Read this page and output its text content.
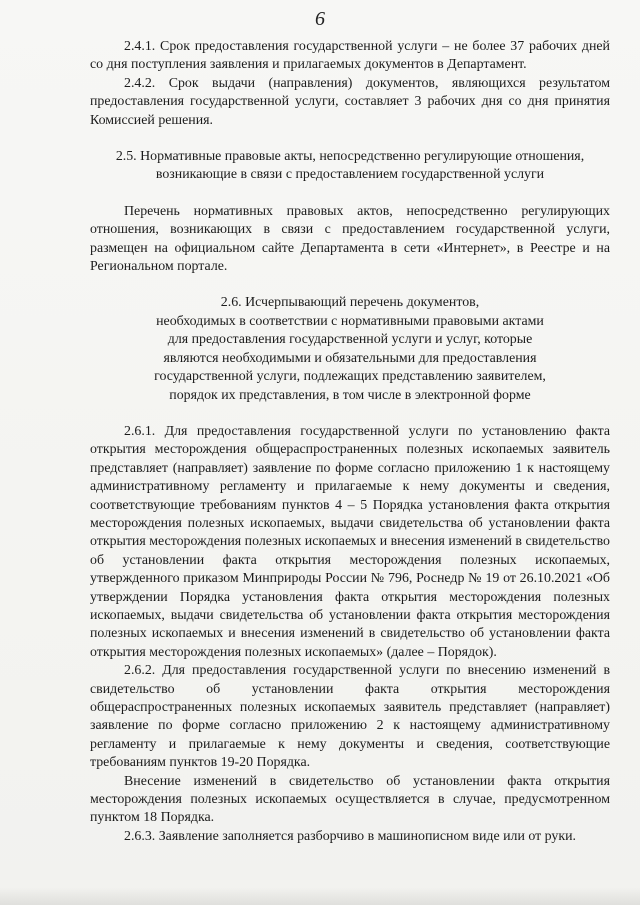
6

2.4.1. Срок предоставления государственной услуги – не более 37 рабочих дней со дня поступления заявления и прилагаемых документов в Департамент.

2.4.2. Срок выдачи (направления) документов, являющихся результатом предоставления государственной услуги, составляет 3 рабочих дня со дня принятия Комиссией решения.

2.5. Нормативные правовые акты, непосредственно регулирующие отношения,

возникающие в связи с предоставлением государственной услуги

Перечень нормативных правовых актов, непосредственно регулирующих отношения, возникающих в связи с предоставлением государственной услуги, размещен на официальном сайте Департамента в сети «Интернет», в Реестре и на Региональном портале.

2.6. Исчерпывающий перечень документов,

необходимых в соответствии с нормативными правовыми актами

для предоставления государственной услуги и услуг, которые

являются необходимыми и обязательными для предоставления

государственной услуги, подлежащих представлению заявителем,

порядок их представления, в том числе в электронной форме

2.6.1. Для предоставления государственной услуги по установлению факта открытия месторождения общераспространенных полезных ископаемых заявитель представляет (направляет) заявление по форме согласно приложению 1 к настоящему административному регламенту и прилагаемые к нему документы и сведения, соответствующие требованиям пунктов 4 – 5 Порядка установления факта открытия месторождения полезных ископаемых, выдачи свидетельства об установлении факта открытия месторождения полезных ископаемых и внесения изменений в свидетельство об установлении факта открытия месторождения полезных ископаемых, утвержденного приказом Минприроды России № 796, Роснедр № 19 от 26.10.2021 «Об утверждении Порядка установления факта открытия месторождения полезных ископаемых, выдачи свидетельства об установлении факта открытия месторождения полезных ископаемых и внесения изменений в свидетельство об установлении факта открытия месторождения полезных ископаемых» (далее – Порядок).

2.6.2. Для предоставления государственной услуги по внесению изменений в свидетельство об установлении факта открытия месторождения общераспространенных полезных ископаемых заявитель представляет (направляет) заявление по форме согласно приложению 2 к настоящему административному регламенту и прилагаемые к нему документы и сведения, соответствующие требованиям пунктов 19-20 Порядка.

Внесение изменений в свидетельство об установлении факта открытия месторождения полезных ископаемых осуществляется в случае, предусмотренном пунктом 18 Порядка.

2.6.3. Заявление заполняется разборчиво в машинописном виде или от руки.
